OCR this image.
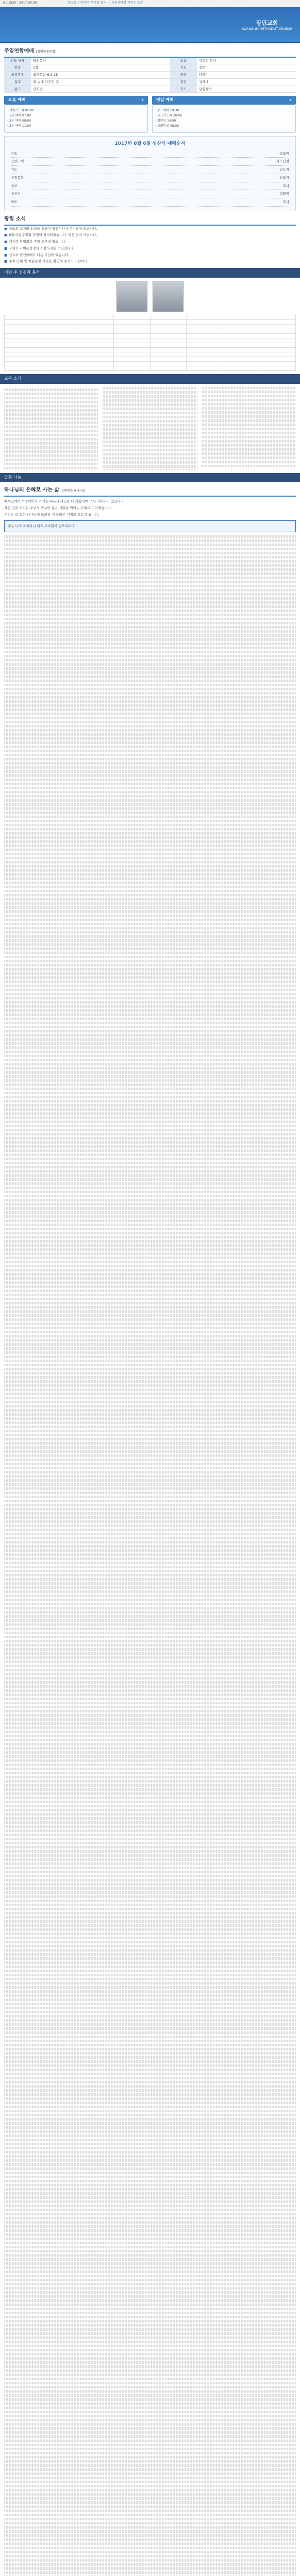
No.1530 | 2017.08.06	영으로 시작하여 생각을 찾자 — 다음세대를 세우는 교회
광림교회
KWANGLIM METHODIST CHURCH
주일연합예배 (성례공동주일)
인도 예배	담임목사	설교	김정석 목사
찬송	1장	기도	장로
성경봉독	요한복음 6:1-15	헌금	다같이
설교	물 속에 감추인 것	봉헌	성가대
광고	당회장	축도	담임목사
오늘 예배	▸
· 새벽기도회 05:00
· 1부 예배 07:00
· 2부 예배 09:00
· 3부 예배 11:00
평일 예배	▸
· 수요예배 19:30
· 금요기도회 20:00
· 청년부 14:00
· 교회학교 09:30
2017년 8월 6일 성찬식 예배순서
찬송	다함께
신앙고백	사도신경
기도	인도자
성경봉독	인도자
설교	목사
성찬식	다함께
축도	목사
광림 소식
■ 성도의 교제와 친교를 위하여 점심식사가 준비되어 있습니다.
■ 8월 여름수련회 일정이 확정되었습니다. 많은 참여 바랍니다.
■ 새가족 환영회가 주일 오후에 있습니다.
■ 교회학교 여름성경학교 봉사자를 모집합니다.
■ 선교부 헌신예배가 다음 주일에 있습니다.
■ 주차 안내 및 차량운행 시간을 확인해 주시기 바랍니다.
이번 주 섬김과 봉사

교우 소식
말씀 나눔
하나님의 은혜로 사는 삶 요한복음 6:1-15

예수님께서 오병이어의 기적을 베푸신 사건은 네 복음서에 모두 기록되어 있습니다.

작은 것을 드리는 소년의 믿음이 많은 사람을 먹이는 은혜로 이어졌습니다.

우리의 삶 또한 하나님께 드려질 때 놀라운 기적의 통로가 됩니다.

주는 나의 목자시니 내게 부족함이 없으리로다.
